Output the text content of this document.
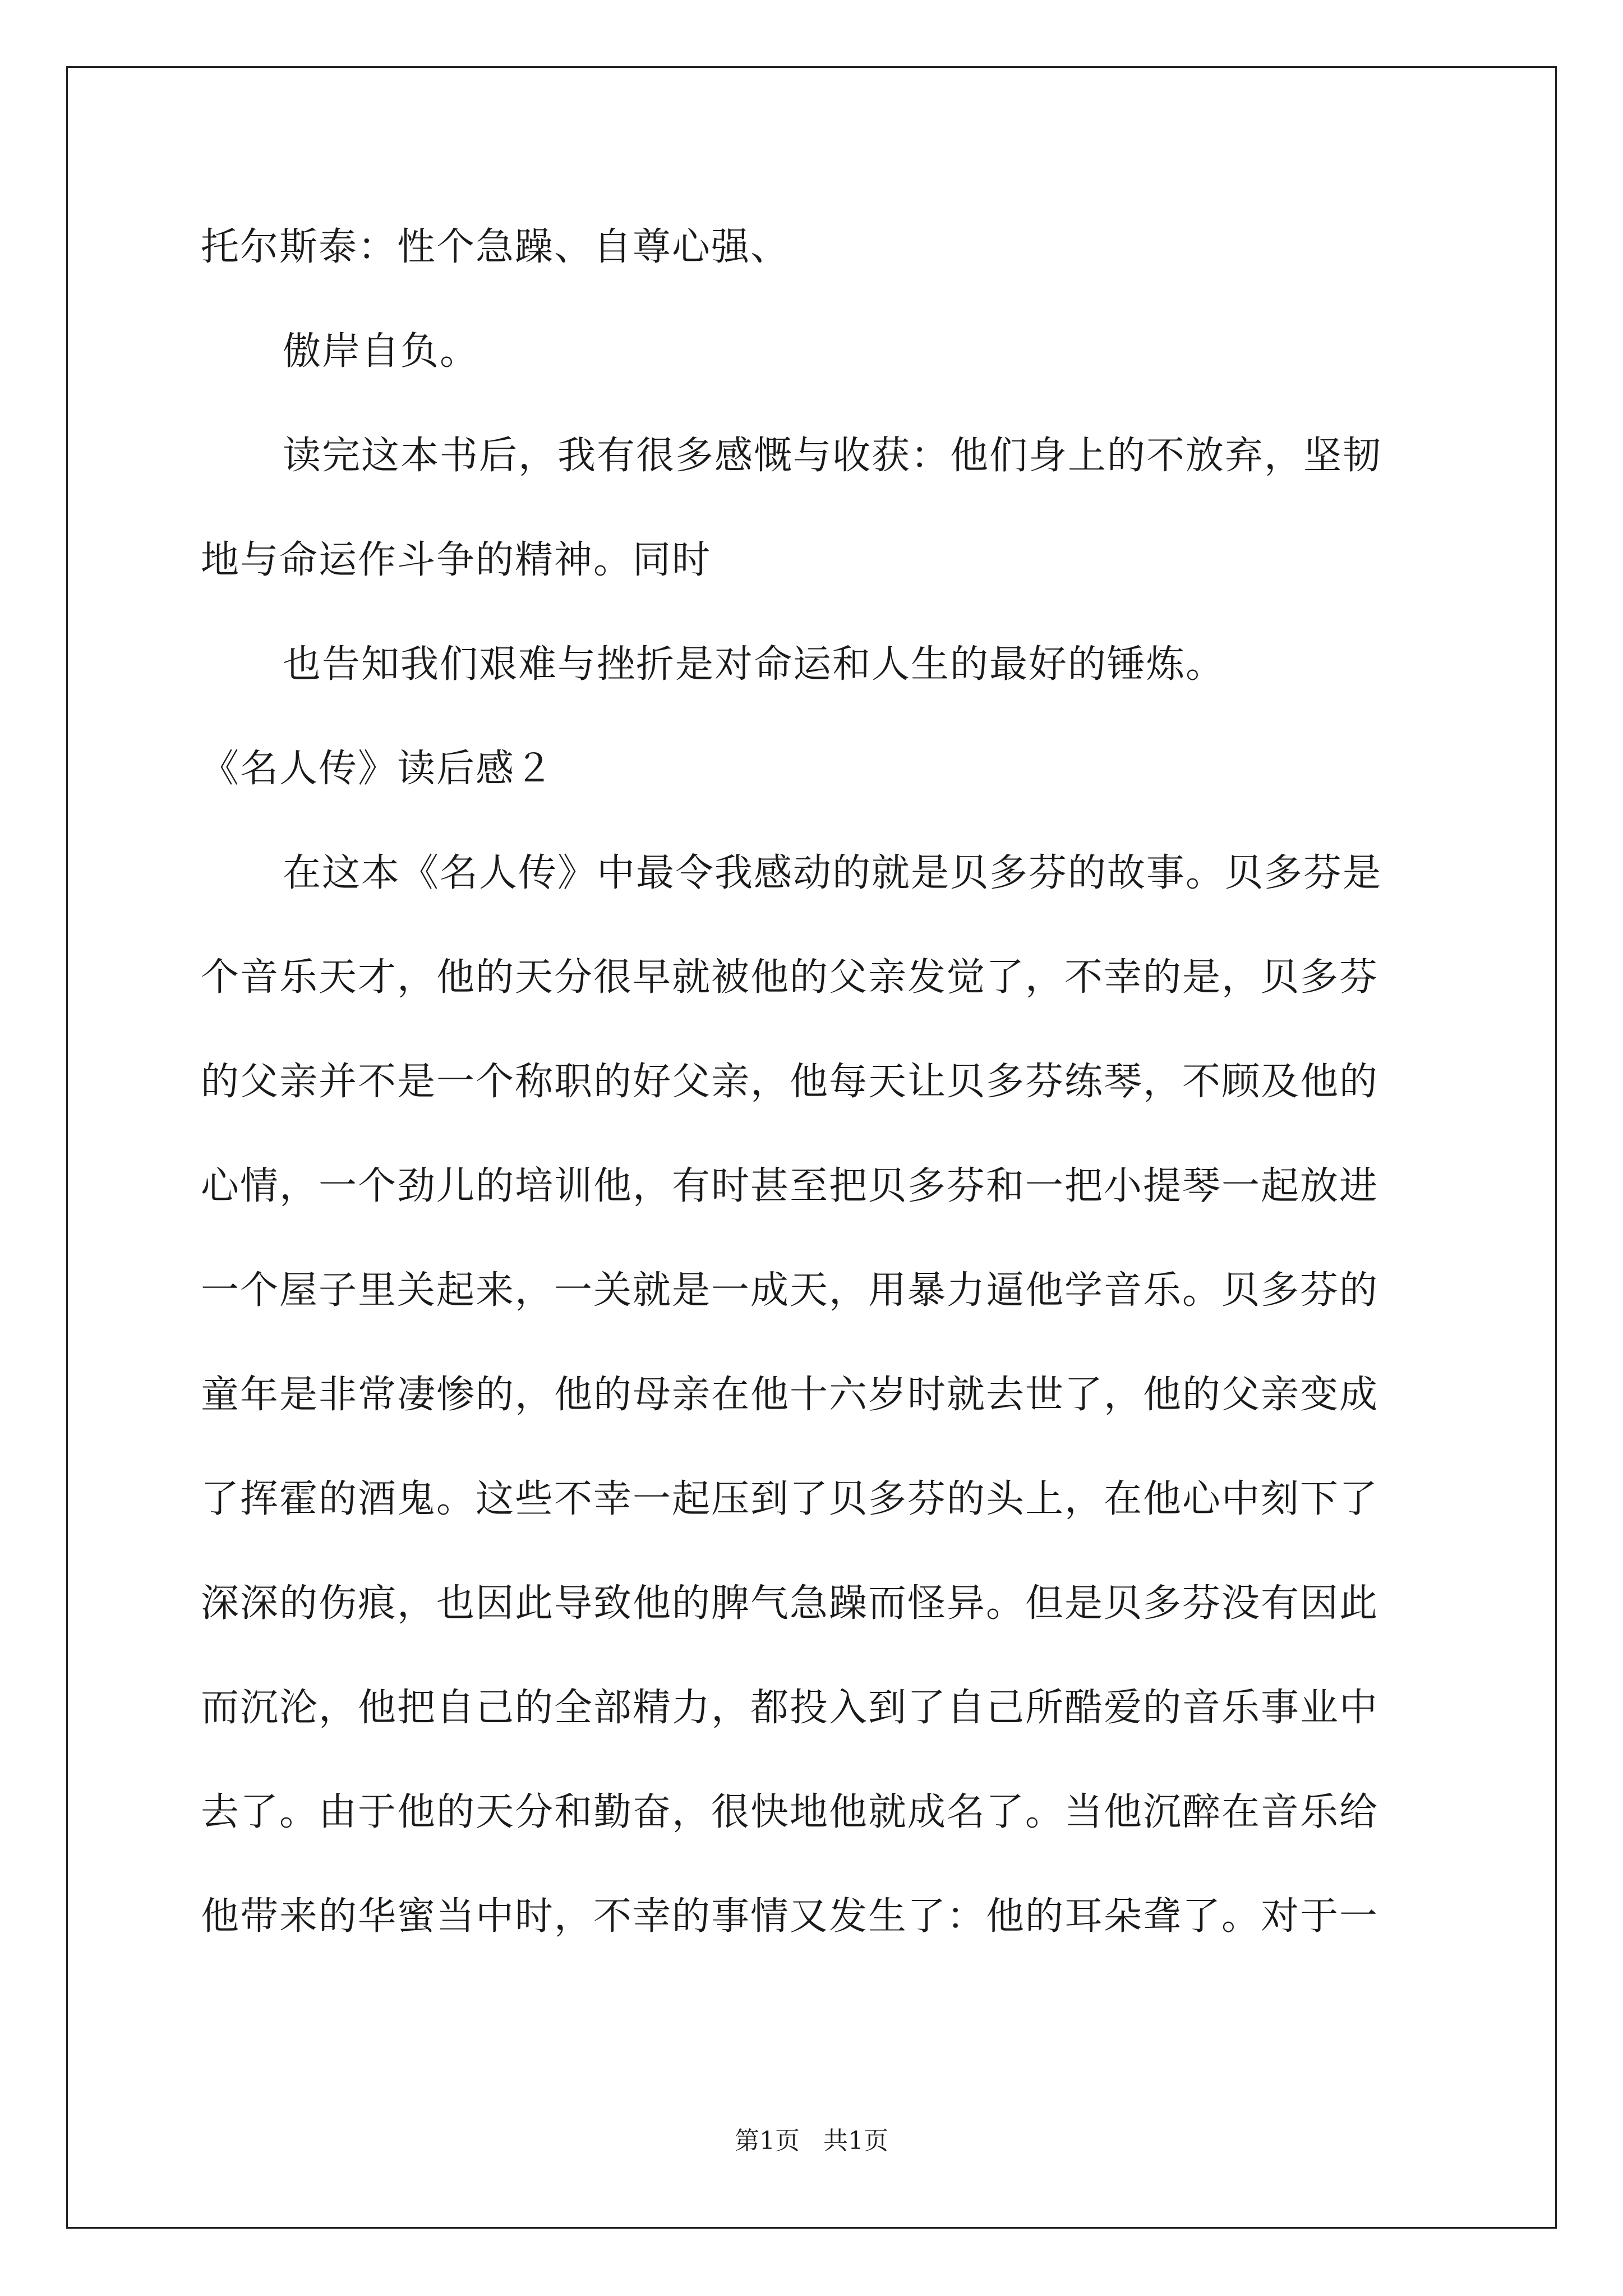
托尔斯泰：性个急躁、自尊心强、
傲岸自负。
读完这本书后，我有很多感慨与收获：他们身上的不放弃，坚韧
地与命运作斗争的精神。同时
也告知我们艰难与挫折是对命运和人生的最好的锤炼。
《名人传》读后感２
在这本《名人传》中最令我感动的就是贝多芬的故事。贝多芬是
个音乐天才，他的天分很早就被他的父亲发觉了，不幸的是，贝多芬
的父亲并不是一个称职的好父亲，他每天让贝多芬练琴，不顾及他的
心情，一个劲儿的培训他，有时甚至把贝多芬和一把小提琴一起放进
一个屋子里关起来，一关就是一成天，用暴力逼他学音乐。贝多芬的
童年是非常凄惨的，他的母亲在他十六岁时就去世了，他的父亲变成
了挥霍的酒鬼。这些不幸一起压到了贝多芬的头上，在他心中刻下了
深深的伤痕，也因此导致他的脾气急躁而怪异。但是贝多芬没有因此
而沉沦，他把自己的全部精力，都投入到了自己所酷爱的音乐事业中
去了。由于他的天分和勤奋，很快地他就成名了。当他沉醉在音乐给
他带来的华蜜当中时，不幸的事情又发生了：他的耳朵聋了。对于一
第1页   共1页
